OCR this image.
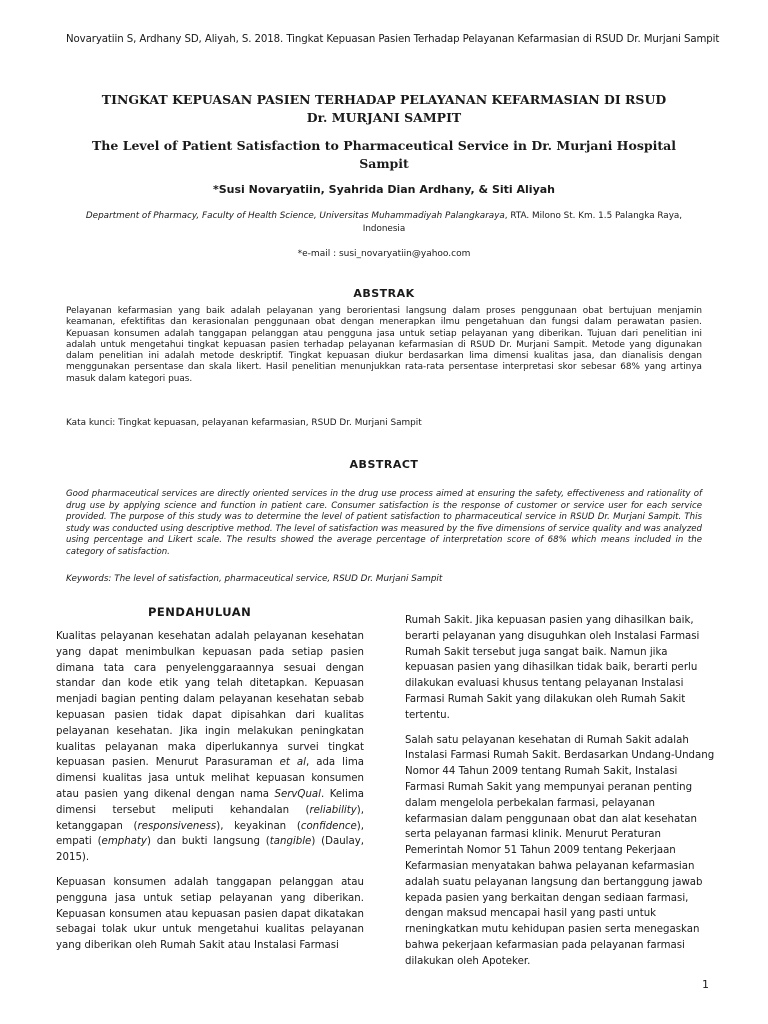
Novaryatiin S, Ardhany SD, Aliyah, S. 2018. Tingkat Kepuasan Pasien Terhadap Pelayanan Kefarmasian di RSUD Dr. Murjani Sampit
TINGKAT KEPUASAN PASIEN TERHADAP PELAYANAN KEFARMASIAN DI RSUD
Dr. MURJANI SAMPIT
The Level of Patient Satisfaction to Pharmaceutical Service in Dr. Murjani Hospital
Sampit
*Susi Novaryatiin, Syahrida Dian Ardhany, & Siti Aliyah
Department of Pharmacy, Faculty of Health Science, Universitas Muhammadiyah Palangkaraya, RTA. Milono St. Km. 1.5 Palangka Raya,
Indonesia
*e-mail : susi_novaryatiin@yahoo.com
ABSTRAK
Pelayanan kefarmasian yang baik adalah pelayanan yang berorientasi langsung dalam proses penggunaan obat bertujuan menjamin keamanan, efektifitas dan kerasionalan penggunaan obat dengan menerapkan ilmu pengetahuan dan fungsi dalam perawatan pasien. Kepuasan konsumen adalah tanggapan pelanggan atau pengguna jasa untuk setiap pelayanan yang diberikan. Tujuan dari penelitian ini adalah untuk mengetahui tingkat kepuasan pasien terhadap pelayanan kefarmasian di RSUD Dr. Murjani Sampit. Metode yang digunakan dalam penelitian ini adalah metode deskriptif. Tingkat kepuasan diukur berdasarkan lima dimensi kualitas jasa, dan dianalisis dengan menggunakan persentase dan skala likert. Hasil penelitian menunjukkan rata-rata persentase interpretasi skor sebesar 68% yang artinya masuk dalam kategori puas.
Kata kunci: Tingkat kepuasan, pelayanan kefarmasian, RSUD Dr. Murjani Sampit
ABSTRACT
Good pharmaceutical services are directly oriented services in the drug use process aimed at ensuring the safety, effectiveness and rationality of drug use by applying science and function in patient care. Consumer satisfaction is the response of customer or service user for each service provided. The purpose of this study was to determine the level of patient satisfaction to pharmaceutical service in RSUD Dr. Murjani Sampit. This study was conducted using descriptive method. The level of satisfaction was measured by the five dimensions of service quality and was analyzed using percentage and Likert scale. The results showed the average percentage of interpretation score of 68% which means included in the category of satisfaction.
Keywords: The level of satisfaction, pharmaceutical service, RSUD Dr. Murjani Sampit
PENDAHULUAN

Kualitas pelayanan kesehatan adalah pelayanan kesehatan yang dapat menimbulkan kepuasan pada setiap pasien dimana tata cara penyelenggaraannya sesuai dengan standar dan kode etik yang telah ditetapkan. Kepuasan menjadi bagian penting dalam pelayanan kesehatan sebab kepuasan pasien tidak dapat dipisahkan dari kualitas pelayanan kesehatan. Jika ingin melakukan peningkatan kualitas pelayanan maka diperlukannya survei tingkat kepuasan pasien. Menurut Parasuraman et al, ada lima dimensi kualitas jasa untuk melihat kepuasan konsumen atau pasien yang dikenal dengan nama ServQual. Kelima dimensi tersebut meliputi kehandalan (reliability), ketanggapan (responsiveness), keyakinan (confidence), empati (emphaty) dan bukti langsung (tangible) (Daulay, 2015).

Kepuasan konsumen adalah tanggapan pelanggan atau pengguna jasa untuk setiap pelayanan yang diberikan. Kepuasan konsumen atau kepuasan pasien dapat dikatakan sebagai tolak ukur untuk mengetahui kualitas pelayanan yang diberikan oleh Rumah Sakit atau Instalasi Farmasi

Rumah Sakit. Jika kepuasan pasien yang dihasilkan baik, berarti pelayanan yang disuguhkan oleh Instalasi Farmasi Rumah Sakit tersebut juga sangat baik. Namun jika kepuasan pasien yang dihasilkan tidak baik, berarti perlu dilakukan evaluasi khusus tentang pelayanan Instalasi Farmasi Rumah Sakit yang dilakukan oleh Rumah Sakit tertentu.

Salah satu pelayanan kesehatan di Rumah Sakit adalah Instalasi Farmasi Rumah Sakit. Berdasarkan Undang-Undang Nomor 44 Tahun 2009 tentang Rumah Sakit, Instalasi Farmasi Rumah Sakit yang mempunyai peranan penting dalam mengelola perbekalan farmasi, pelayanan kefarmasian dalam penggunaan obat dan alat kesehatan serta pelayanan farmasi klinik. Menurut Peraturan Pemerintah Nomor 51 Tahun 2009 tentang Pekerjaan Kefarmasian menyatakan bahwa pelayanan kefarmasian adalah suatu pelayanan langsung dan bertanggung jawab kepada pasien yang berkaitan dengan sediaan farmasi, dengan maksud mencapai hasil yang pasti untuk rneningkatkan mutu kehidupan pasien serta menegaskan bahwa pekerjaan kefarmasian pada pelayanan farmasi dilakukan oleh Apoteker.

1
